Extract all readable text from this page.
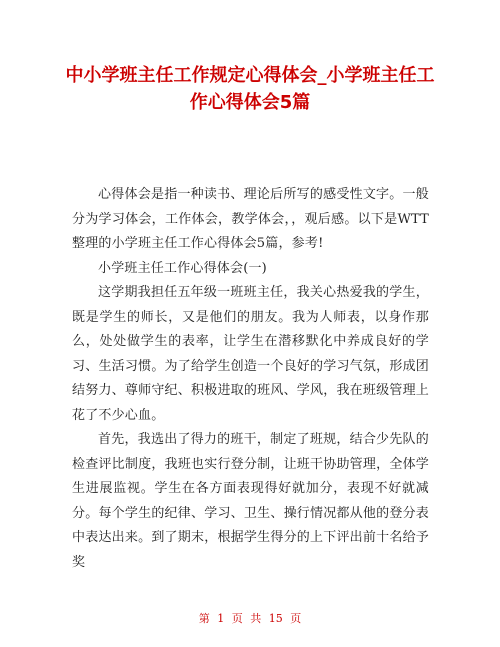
中小学班主任工作规定心得体会_小学班主任工
作心得体会5篇

心得体会是指一种读书、理论后所写的感受性文字。一般分为学习体会，工作体会，教学体会，，观后感。以下是WTT整理的小学班主任工作心得体会5篇，参考!

小学班主任工作心得体会(一)

这学期我担任五年级一班班主任，我关心热爱我的学生，既是学生的师长，又是他们的朋友。我为人师表，以身作那么，处处做学生的表率，让学生在潜移默化中养成良好的学习、生活习惯。为了给学生创造一个良好的学习气氛，形成团结努力、尊师守纪、积极进取的班风、学风，我在班级管理上花了不少心血。

首先，我选出了得力的班干，制定了班规，结合少先队的检查评比制度，我班也实行登分制，让班干协助管理，全体学生进展监视。学生在各方面表现得好就加分，表现不好就减分。每个学生的纪律、学习、卫生、操行情况都从他的登分表中表达出来。到了期末，根据学生得分的上下评出前十名给予奖

第 1 页 共 15 页
